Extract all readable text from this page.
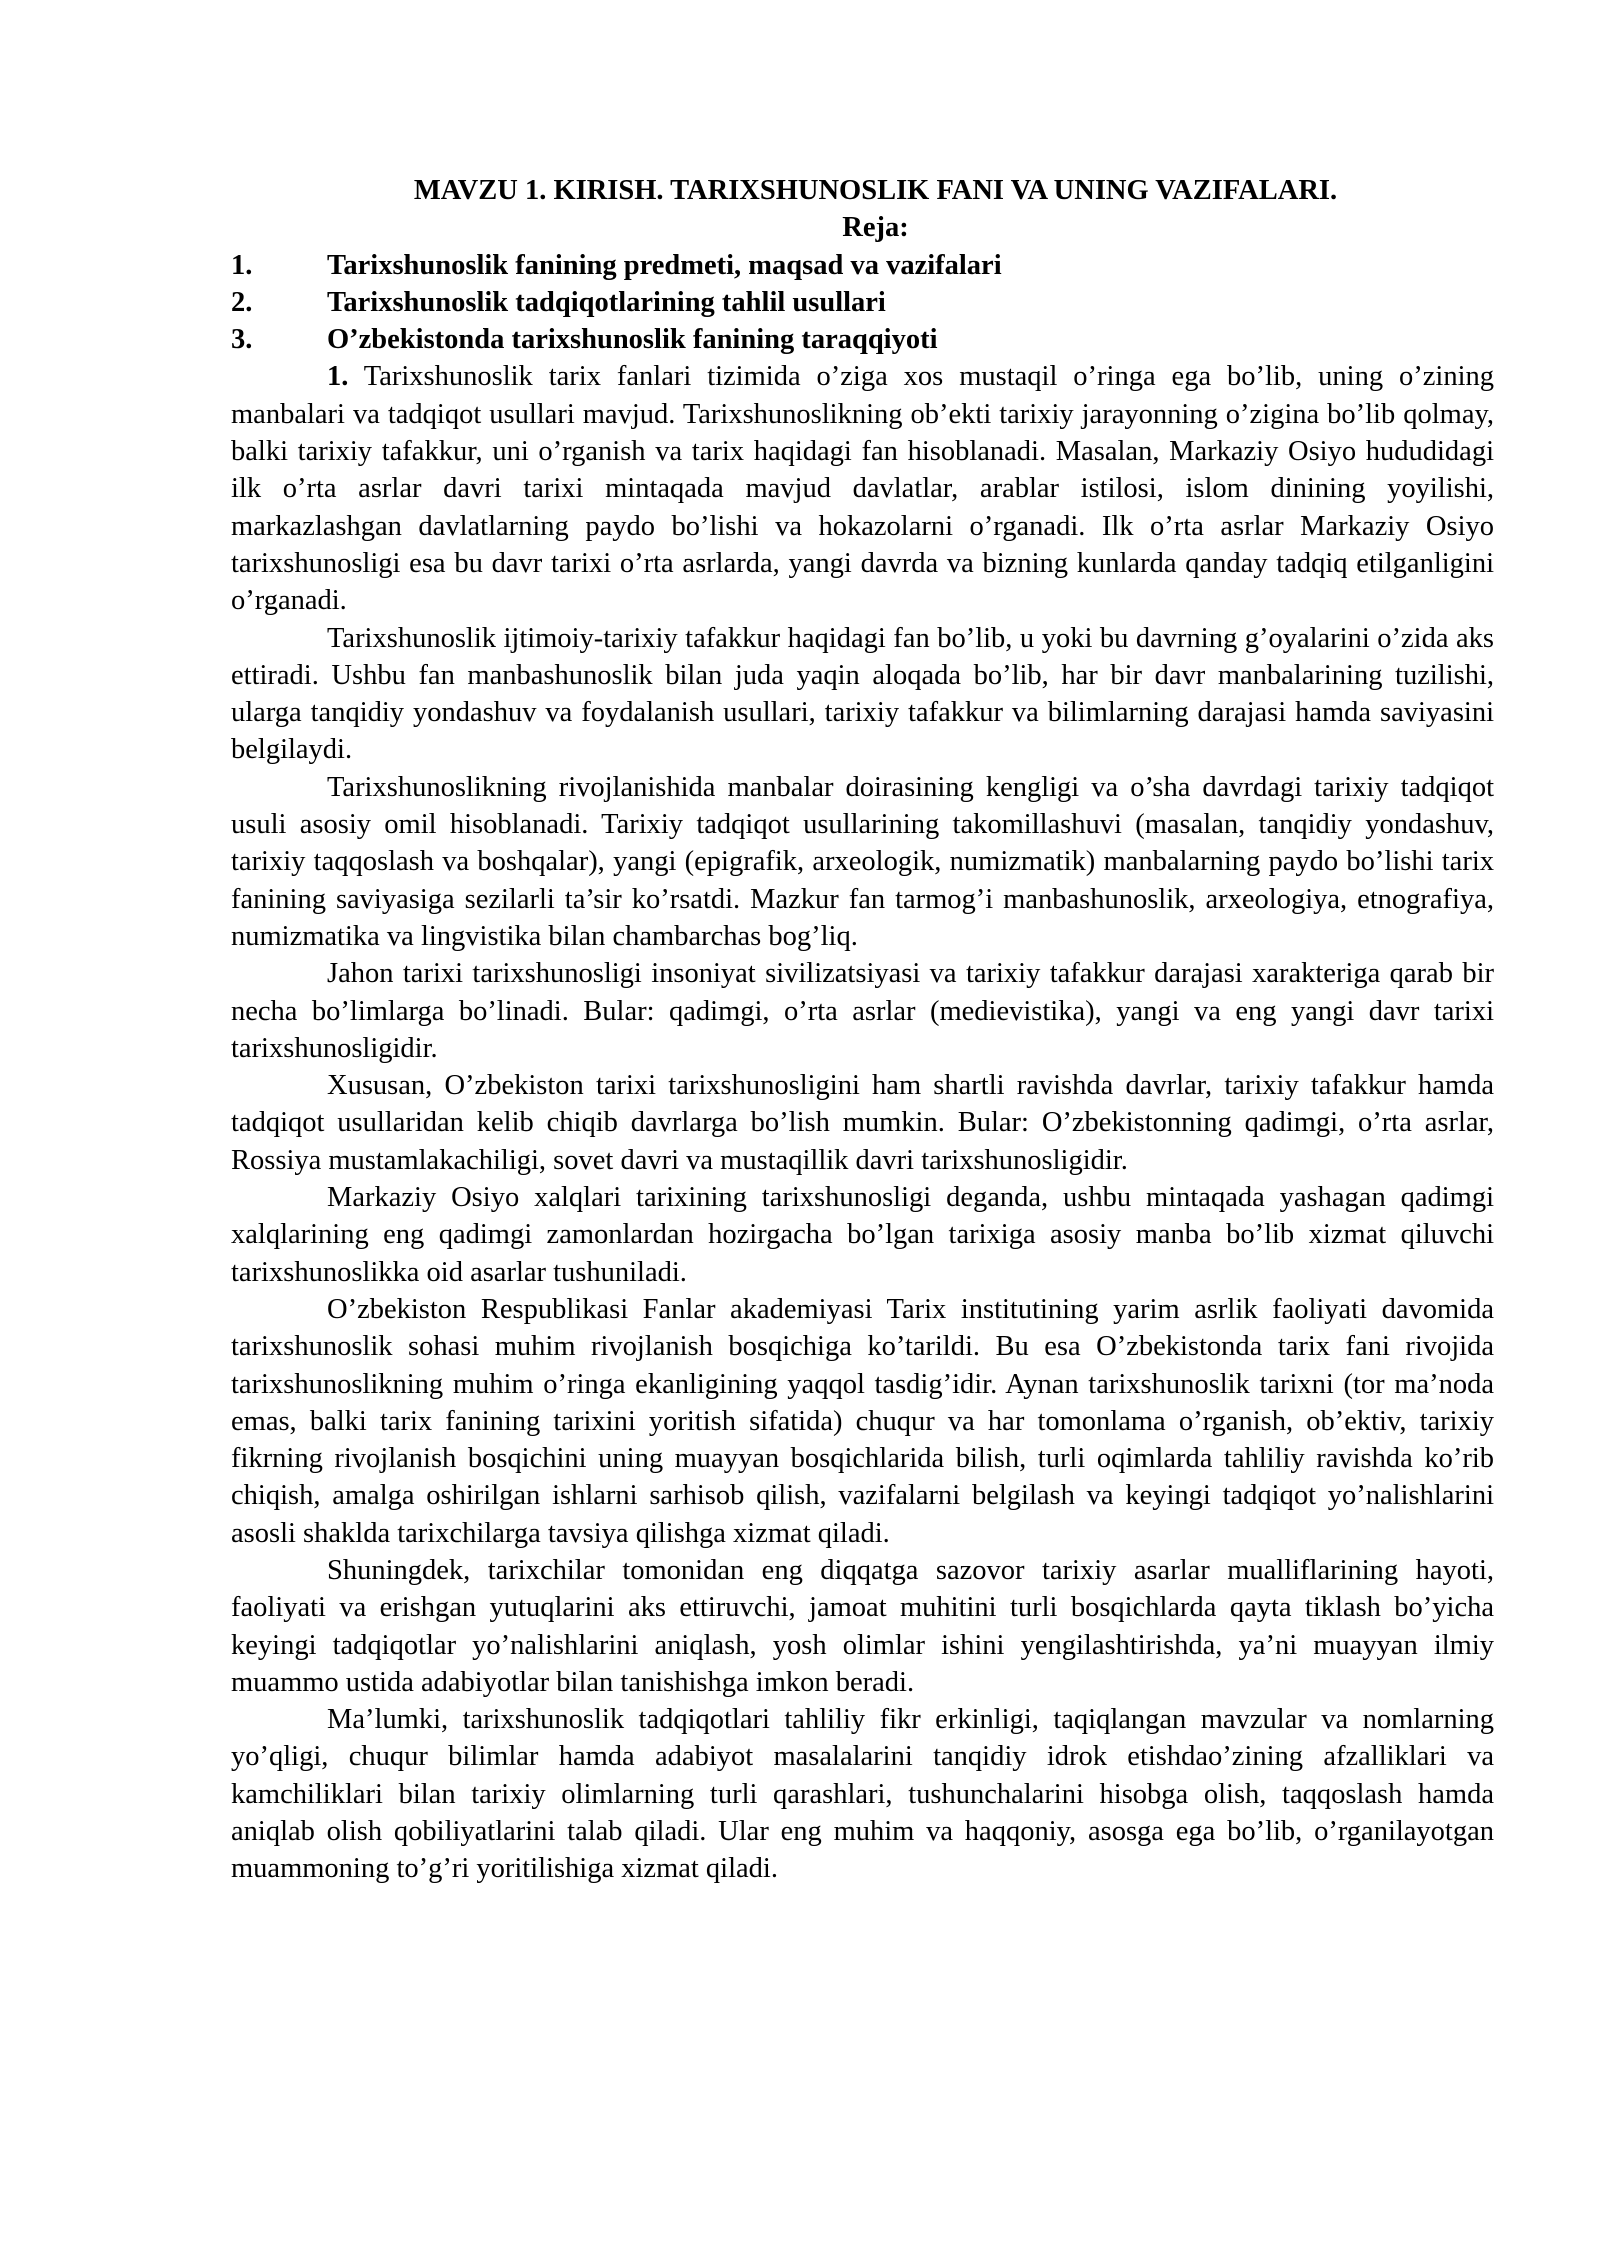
MAVZU 1. KIRISH. TARIXSHUNOSLIK FANI VA UNING VAZIFALARI.
Reja:
1.	Tarixshunoslik fanining predmeti, maqsad va vazifalari
2.	Tarixshunoslik tadqiqotlarining tahlil usullari
3.	O’zbekistonda tarixshunoslik fanining taraqqiyoti

1. Tarixshunoslik tarix fanlari tizimida o’ziga xos mustaqil o’ringa ega bo’lib, uning o’zining manbalari va tadqiqot usullari mavjud. Tarixshunoslikning ob’ekti tarixiy jarayonning o’zigina bo’lib qolmay, balki tarixiy tafakkur, uni o’rganish va tarix haqidagi fan hisoblanadi. Masalan, Markaziy Osiyo hududidagi ilk o’rta asrlar davri tarixi mintaqada mavjud davlatlar, arablar istilosi, islom dinining yoyilishi, markazlashgan davlatlarning paydo bo’lishi va hokazolarni o’rganadi. Ilk o’rta asrlar Markaziy Osiyo tarixshunosligi esa bu davr tarixi o’rta asrlarda, yangi davrda va bizning kunlarda qanday tadqiq etilganligini o’rganadi.

Tarixshunoslik ijtimoiy-tarixiy tafakkur haqidagi fan bo’lib, u yoki bu davrning g’oyalarini o’zida aks ettiradi. Ushbu fan manbashunoslik bilan juda yaqin aloqada bo’lib, har bir davr manbalarining tuzilishi, ularga tanqidiy yondashuv va foydalanish usullari, tarixiy tafakkur va bilimlarning darajasi hamda saviyasini belgilaydi.

Tarixshunoslikning rivojlanishida manbalar doirasining kengligi va o’sha davrdagi tarixiy tadqiqot usuli asosiy omil hisoblanadi. Tarixiy tadqiqot usullarining takomillashuvi (masalan, tanqidiy yondashuv, tarixiy taqqoslash va boshqalar), yangi (epigrafik, arxeologik, numizmatik) manbalarning paydo bo’lishi tarix fanining saviyasiga sezilarli ta’sir ko’rsatdi. Mazkur fan tarmog’i manbashunoslik, arxeologiya, etnografiya, numizmatika va lingvistika bilan chambarchas bog’liq.

Jahon tarixi tarixshunosligi insoniyat sivilizatsiyasi va tarixiy tafakkur darajasi xarakteriga qarab bir necha bo’limlarga bo’linadi. Bular: qadimgi, o’rta asrlar (medievistika), yangi va eng yangi davr tarixi tarixshunosligidir.

Xususan, O’zbekiston tarixi tarixshunosligini ham shartli ravishda davrlar, tarixiy tafakkur hamda tadqiqot usullaridan kelib chiqib davrlarga bo’lish mumkin. Bular: O’zbekistonning qadimgi, o’rta asrlar, Rossiya mustamlakachiligi, sovet davri va mustaqillik davri tarixshunosligidir.

Markaziy Osiyo xalqlari tarixining tarixshunosligi deganda, ushbu mintaqada yashagan qadimgi xalqlarining eng qadimgi zamonlardan hozirgacha bo’lgan tarixiga asosiy manba bo’lib xizmat qiluvchi tarixshunoslikka oid asarlar tushuniladi.

O’zbekiston Respublikasi Fanlar akademiyasi Tarix institutining yarim asrlik faoliyati davomida tarixshunoslik sohasi muhim rivojlanish bosqichiga ko’tarildi. Bu esa O’zbekistonda tarix fani rivojida tarixshunoslikning muhim o’ringa ekanligining yaqqol tasdig’idir. Aynan tarixshunoslik tarixni (tor ma’noda emas, balki tarix fanining tarixini yoritish sifatida) chuqur va har tomonlama o’rganish, ob’ektiv, tarixiy fikrning rivojlanish bosqichini uning muayyan bosqichlarida bilish, turli oqimlarda tahliliy ravishda ko’rib chiqish, amalga oshirilgan ishlarni sarhisob qilish, vazifalarni belgilash va keyingi tadqiqot yo’nalishlarini asosli shaklda tarixchilarga tavsiya qilishga xizmat qiladi.

Shuningdek, tarixchilar tomonidan eng diqqatga sazovor tarixiy asarlar mualliflarining hayoti, faoliyati va erishgan yutuqlarini aks ettiruvchi, jamoat muhitini turli bosqichlarda qayta tiklash bo’yicha keyingi tadqiqotlar yo’nalishlarini aniqlash, yosh olimlar ishini yengilashtirishda, ya’ni muayyan ilmiy muammo ustida adabiyotlar bilan tanishishga imkon beradi.

Ma’lumki, tarixshunoslik tadqiqotlari tahliliy fikr erkinligi, taqiqlangan mavzular va nomlarning yo’qligi, chuqur bilimlar hamda adabiyot masalalarini tanqidiy idrok etishdao’zining afzalliklari va kamchiliklari bilan tarixiy olimlarning turli qarashlari, tushunchalarini hisobga olish, taqqoslash hamda aniqlab olish qobiliyatlarini talab qiladi. Ular eng muhim va haqqoniy, asosga ega bo’lib, o’rganilayotgan muammoning to’g’ri yoritilishiga xizmat qiladi.
